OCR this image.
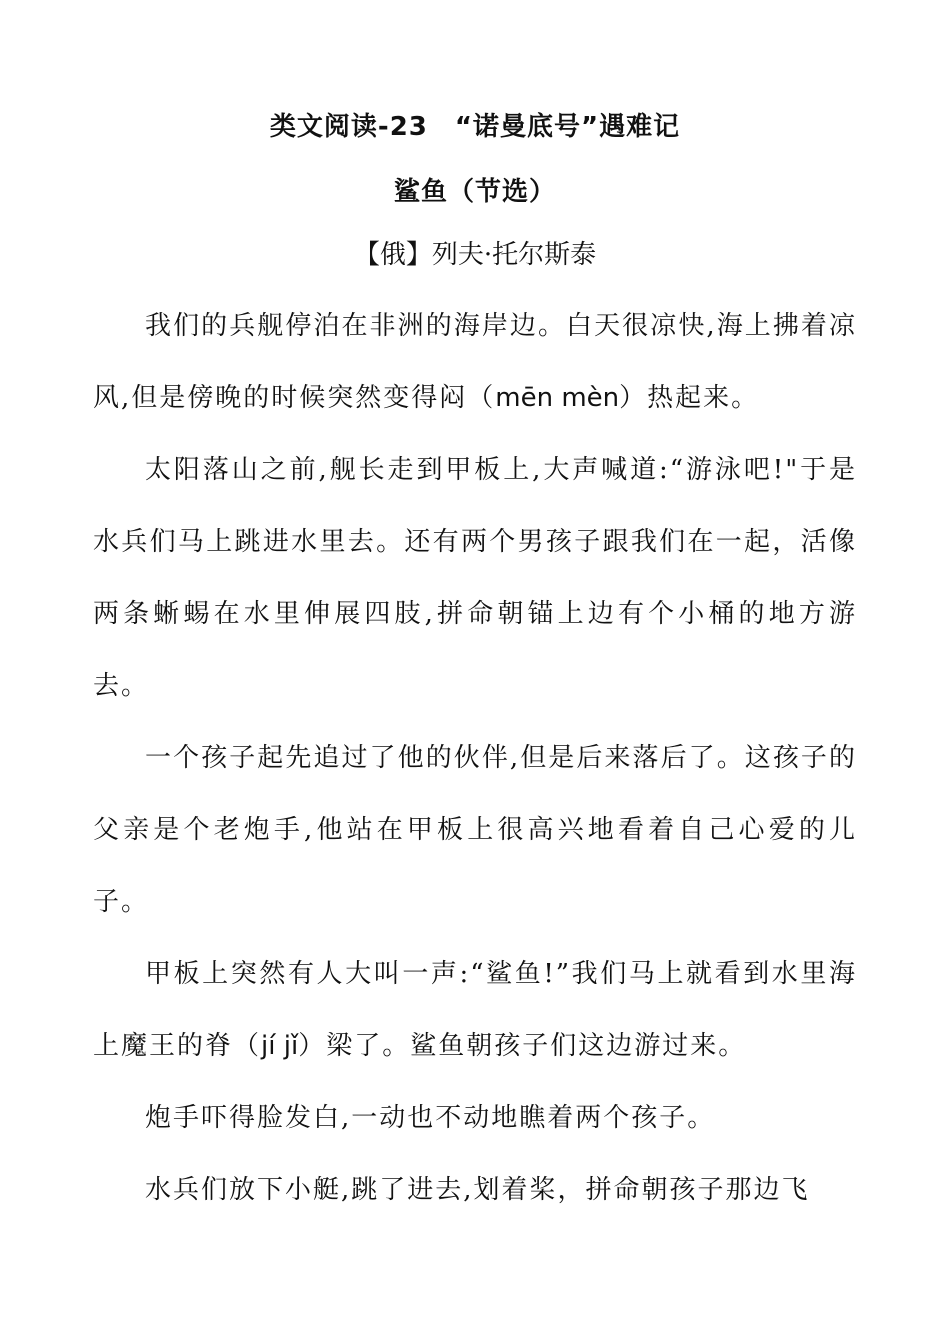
类文阅读-23　“诺曼底号”遇难记
鲨鱼（节选）
【俄】列夫·托尔斯泰

我们的兵舰停泊在非洲的海岸边。白天很凉快,海上拂着凉风,但是傍晚的时候突然变得闷（mēn mèn）热起来。

太阳落山之前,舰长走到甲板上,大声喊道:“游泳吧!"于是水兵们马上跳进水里去。还有两个男孩子跟我们在一起，活像两条蜥蜴在水里伸展四肢,拼命朝锚上边有个小桶的地方游去。

一个孩子起先追过了他的伙伴,但是后来落后了。这孩子的父亲是个老炮手,他站在甲板上很高兴地看着自己心爱的儿子。

甲板上突然有人大叫一声:“鲨鱼!”我们马上就看到水里海上魔王的脊（jí jǐ）梁了。鲨鱼朝孩子们这边游过来。

炮手吓得脸发白,一动也不动地瞧着两个孩子。

水兵们放下小艇,跳了进去,划着桨，拼命朝孩子那边飞
